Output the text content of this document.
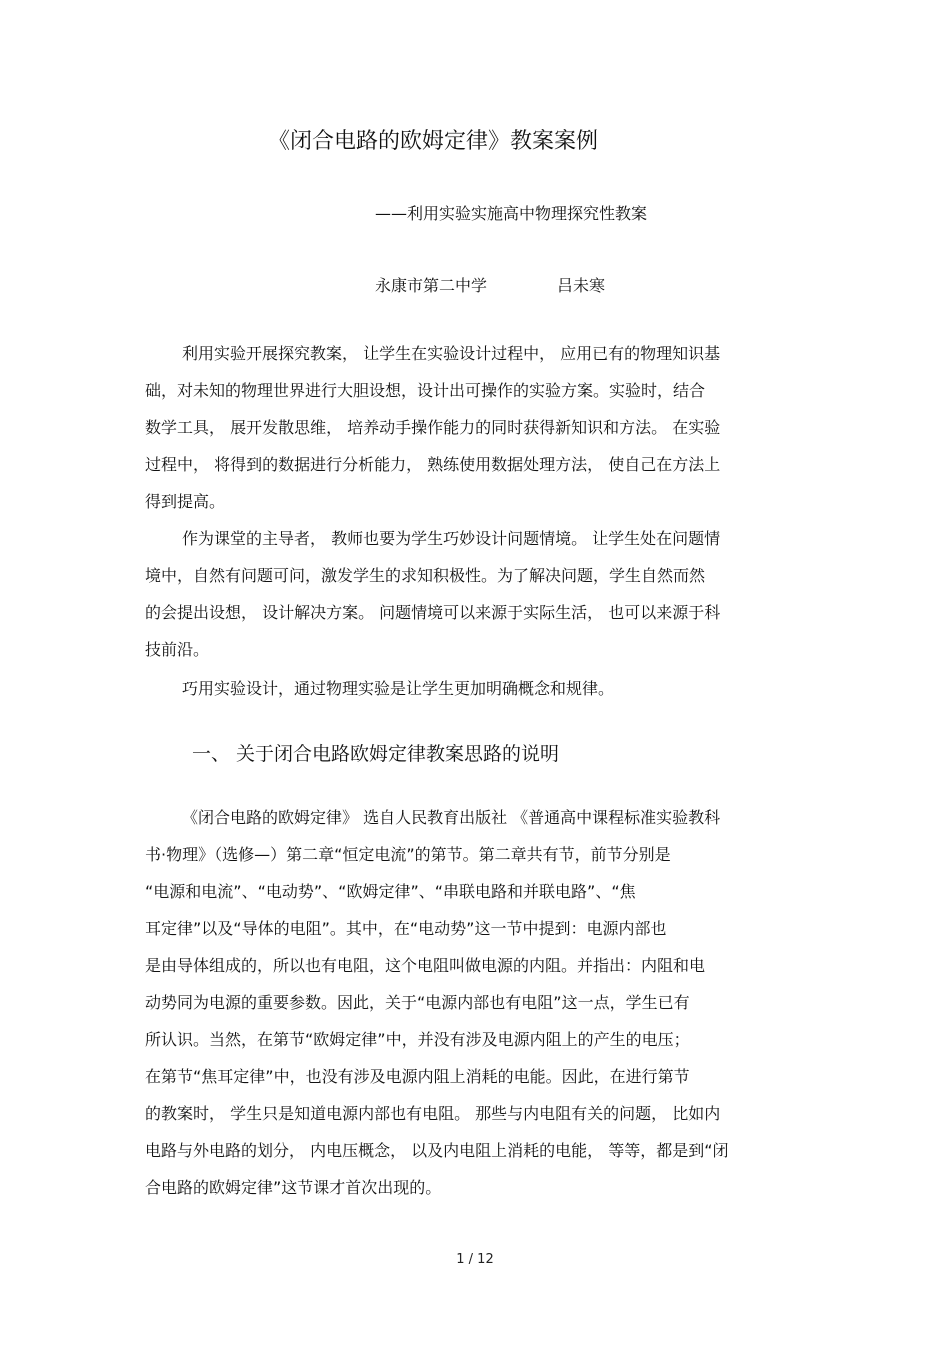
《闭合电路的欧姆定律》教案案例
——利用实验实施高中物理探究性教案
永康市第二中学	吕未寒
利用实验开展探究教案， 让学生在实验设计过程中， 应用已有的物理知识基
础，对未知的物理世界进行大胆设想，设计出可操作的实验方案。实验时，结合
数学工具， 展开发散思维， 培养动手操作能力的同时获得新知识和方法。 在实验
过程中， 将得到的数据进行分析能力， 熟练使用数据处理方法， 使自己在方法上
得到提高。
作为课堂的主导者， 教师也要为学生巧妙设计问题情境。 让学生处在问题情
境中，自然有问题可问，激发学生的求知积极性。为了解决问题，学生自然而然
的会提出设想， 设计解决方案。 问题情境可以来源于实际生活， 也可以来源于科
技前沿。
巧用实验设计，通过物理实验是让学生更加明确概念和规律。
一、 关于闭合电路欧姆定律教案思路的说明
《闭合电路的欧姆定律》 选自人民教育出版社 《普通高中课程标准实验教科
书·物理》（选修—）第二章“恒定电流”的第节。第二章共有节，前节分别是
“电源和电流”、“电动势”、“欧姆定律”、“串联电路和并联电路”、“焦
耳定律”以及“导体的电阻”。其中，在“电动势”这一节中提到：电源内部也
是由导体组成的，所以也有电阻，这个电阻叫做电源的内阻。并指出：内阻和电
动势同为电源的重要参数。因此，关于“电源内部也有电阻”这一点，学生已有
所认识。当然，在第节“欧姆定律”中，并没有涉及电源内阻上的产生的电压；
在第节“焦耳定律”中，也没有涉及电源内阻上消耗的电能。因此，在进行第节
的教案时， 学生只是知道电源内部也有电阻。 那些与内电阻有关的问题， 比如内
电路与外电路的划分， 内电压概念， 以及内电阻上消耗的电能， 等等，都是到“闭
合电路的欧姆定律”这节课才首次出现的。
1 / 12
